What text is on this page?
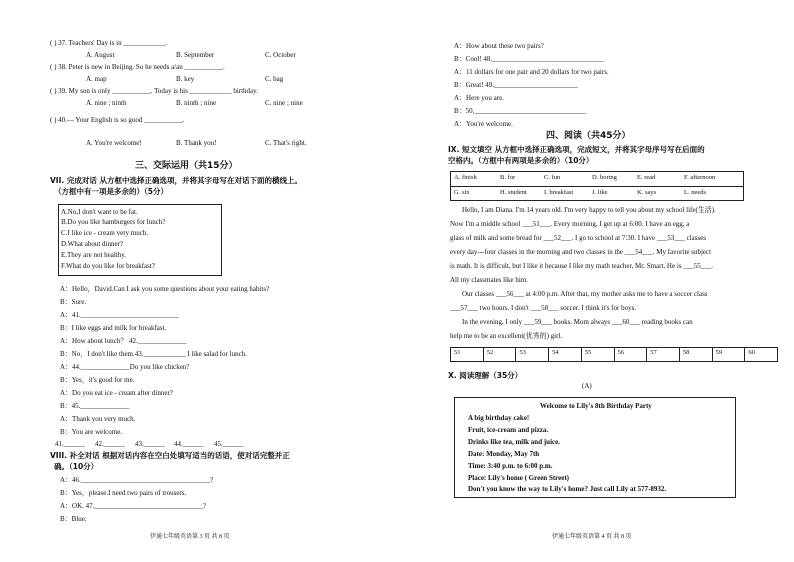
( ) 37. Teachers' Day is in ____________.
A. August	B. September	C. October
( ) 38. Peter is new in Beijing. So he needs a/an ___________.
A. map	B. key	C. bag
( ) 39. My son is only ___________. Today is his ____________ birthday.
A. nine ; ninth	B. ninth ; nine	C. nine ; nine
( ) 40.— Your English is so good ___________.
A. You're welcome!	B. Thank you!	C. That's right.
三、交际运用（共15分）
VII. 完成对话 从方框中选择正确选项，并将其字母写在对话下面的横线上。
（方框中有一项是多余的）（5分）
A.No,I don't want to be fat.
B.Do you like hamburgers for lunch?
C.I like ice - cream very much.
D.What about dinner?
E.They are not healthy.
F.What do you like for breakfast?
A：Hello，David.Can I ask you some questions about your eating habits?
B：Sure.
A：41.____________________________
B：I like eggs and milk for breakfast.
A：How about lunch？ 42.______________
B：No，I don't like them.43.____________ I like salad for lunch.
A：44.______________Do you like chicken?
B：Yes，it's good for me.
A：Do you eat ice - cream after dinner?
B：45.______________
A：Thank you very much.
B：You are welcome.
41.______ 42.______ 43.______ 44.______ 45.______
VIII. 补全对话 根据对话内容在空白处填写适当的话语，使对话完整并正
确。（10分）
A：46._____________________________________?
B：Yes，please.I need two pairs of trousers.
A：OK. 47._______________________________?
B：Blue.
伊通七年级英语第 3 页 共 8 页
A：How about these two pairs?
B：Cool! 48.________________________________
A：11 dollars for one pair and 20 dollars for two pairs.
B：Great! 49.________________________
A：Here you are.
B：50.________________________________
A：You're welcome.
四、阅读（共45分）
IX. 短文填空 从方框中选择正确选项，完成短文，并将其字母序号写在后面的
空格内。（方框中有两项是多余的）（10分）
A. finish	B. for	C. fun	D. boring	E. read	F. afternoon
G. six	H. student	I. breakfast	J. like	K. says	L. needs
Hello, I am Diana. I'm 14 years old. I'm very happy to tell you about my school life(生活).
Now I'm a middle school ___51___. Every morning, I get up at 6:00. I have an egg, a
glass of milk and some bread for ___52___. I go to school at 7:30. I have ___53___ classes
every day---four classes in the morning and two classes in the ___54___. My favorite subject
is math. It is difficult, but I like it because I like my math teacher, Mr. Smart. He is ___55___.
All my classmates like him.
Our classes ___56___ at 4:00 p.m. After that, my mother asks me to have a soccer class
___57___ two hours. I don't ___58___ soccer. I think it's for boys.
In the evening, I only ___59___ books. Mom always ___60___ reading books can
help me to be an excellent(优秀的) girl.
51	52	53	54	55	56	57	58	59	60
X. 阅读理解（35分）
(A)
Welcome to Lily's 8th Birthday Party
A big birthday cake!
Fruit, ice-cream and pizza.
Drinks like tea, milk and juice.
Date: Monday, May 7th
Time: 3:40 p.m. to 6:00 p.m.
Place: Lily's home ( Green Street)
Don't you know the way to Lily's home? Just call Lily at 577-8932.
伊通七年级英语第 4 页 共 8 页
